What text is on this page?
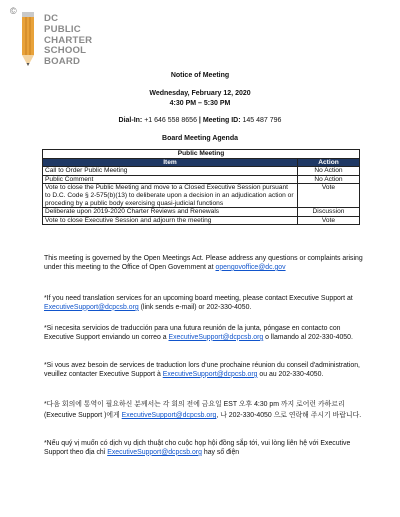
©
DC
PUBLIC
CHARTER
SCHOOL
BOARD
Notice of Meeting
Wednesday, February 12, 2020
4:30 PM – 5:30 PM
Dial-In: +1 646 558 8656 | Meeting ID: 145 487 796
Board Meeting Agenda
Public Meeting	
Item	Action
Call to Order Public Meeting	No Action
Public Comment	No Action
Vote to close the Public Meeting and move to a Closed Executive Session pursuant to D.C. Code § 2-575(b)(13) to deliberate upon a decision in an adjudication action or proceding by a public body exercising quasi-judicial functions	Vote
Deliberate upon 2019-2020 Charter Reviews and Renewals	Discussion
Vote to close Executive Session and adjourn the meeting	Vote
This meeting is governed by the Open Meetings Act. Please address any questions or complaints arising under this meeting to the Office of Open Government at opengovoffice@dc.gov
*If you need translation services for an upcoming board meeting, please contact Executive Support at ExecutiveSupport@dcpcsb.org (link sends e-mail) or 202-330-4050.
*Si necesita servicios de traducción para una futura reunión de la junta, póngase en contacto con Executive Support enviando un correo a ExecutiveSupport@dcpcsb.org o llamando al 202-330-4050.
*Si vous avez besoin de services de traduction lors d'une prochaine réunion du conseil d'administration, veuillez contacter Executive Support à ExecutiveSupport@dcpcsb.org ou au 202-330-4050.
*다음 회의에 통역이 필요하신 분께서는 각 회의 전에 금요일 EST 오후 4:30 pm 까지 로어런 카하르리 (Executive Support )에게 ExecutiveSupport@dcpcsb.org, 나 202-330-4050 으로 연락해 주시기 바랍니다.
*Nếu quý vị muốn có dịch vụ dịch thuật cho cuộc họp hội đồng sắp tới, vui lòng liên hệ với Executive Support theo địa chỉ ExecutiveSupport@dcpcsb.org hay số điện
